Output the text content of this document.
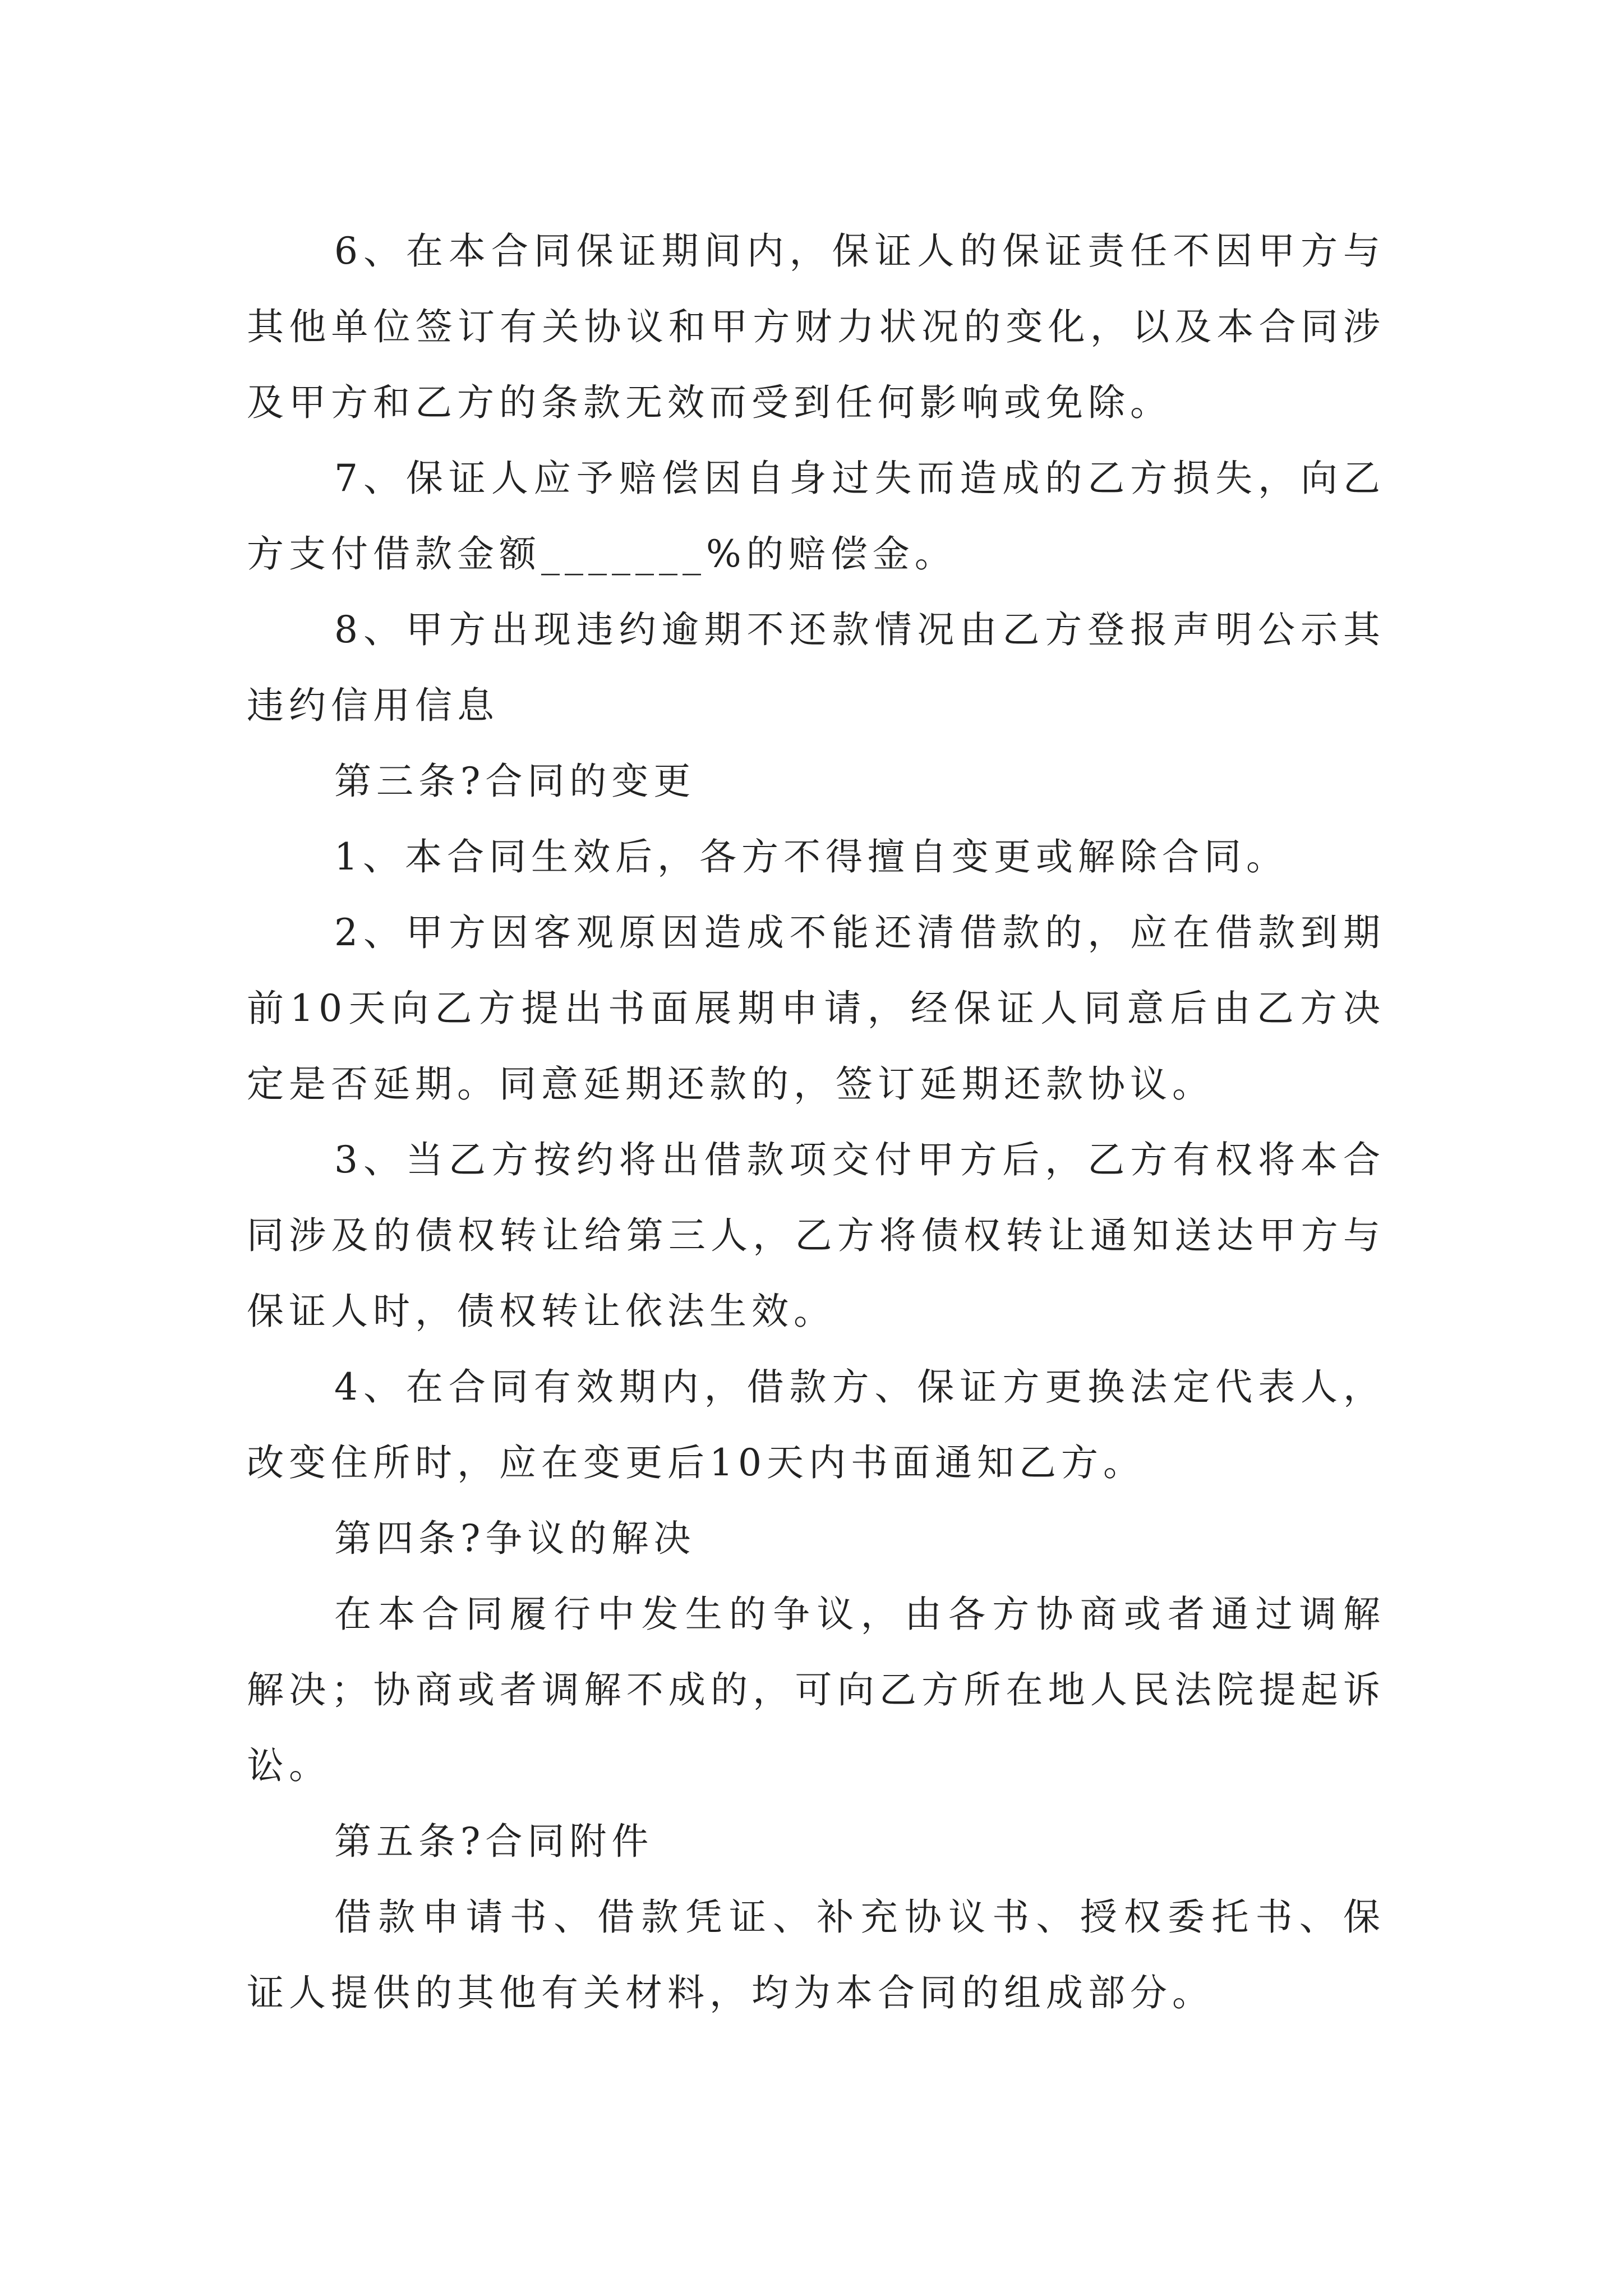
6、在本合同保证期间内，保证人的保证责任不因甲方与其他单位签订有关协议和甲方财力状况的变化，以及本合同涉及甲方和乙方的条款无效而受到任何影响或免除。

7、保证人应予赔偿因自身过失而造成的乙方损失，向乙方支付借款金额_______%的赔偿金。

8、甲方出现违约逾期不还款情况由乙方登报声明公示其违约信用信息

第三条?合同的变更

1、本合同生效后，各方不得擅自变更或解除合同。

2、甲方因客观原因造成不能还清借款的，应在借款到期前10天向乙方提出书面展期申请，经保证人同意后由乙方决定是否延期。同意延期还款的，签订延期还款协议。

3、当乙方按约将出借款项交付甲方后，乙方有权将本合同涉及的债权转让给第三人，乙方将债权转让通知送达甲方与保证人时，债权转让依法生效。

4、在合同有效期内，借款方、保证方更换法定代表人，改变住所时，应在变更后10天内书面通知乙方。

第四条?争议的解决

在本合同履行中发生的争议，由各方协商或者通过调解解决；协商或者调解不成的，可向乙方所在地人民法院提起诉讼。

第五条?合同附件

借款申请书、借款凭证、补充协议书、授权委托书、保证人提供的其他有关材料，均为本合同的组成部分。
